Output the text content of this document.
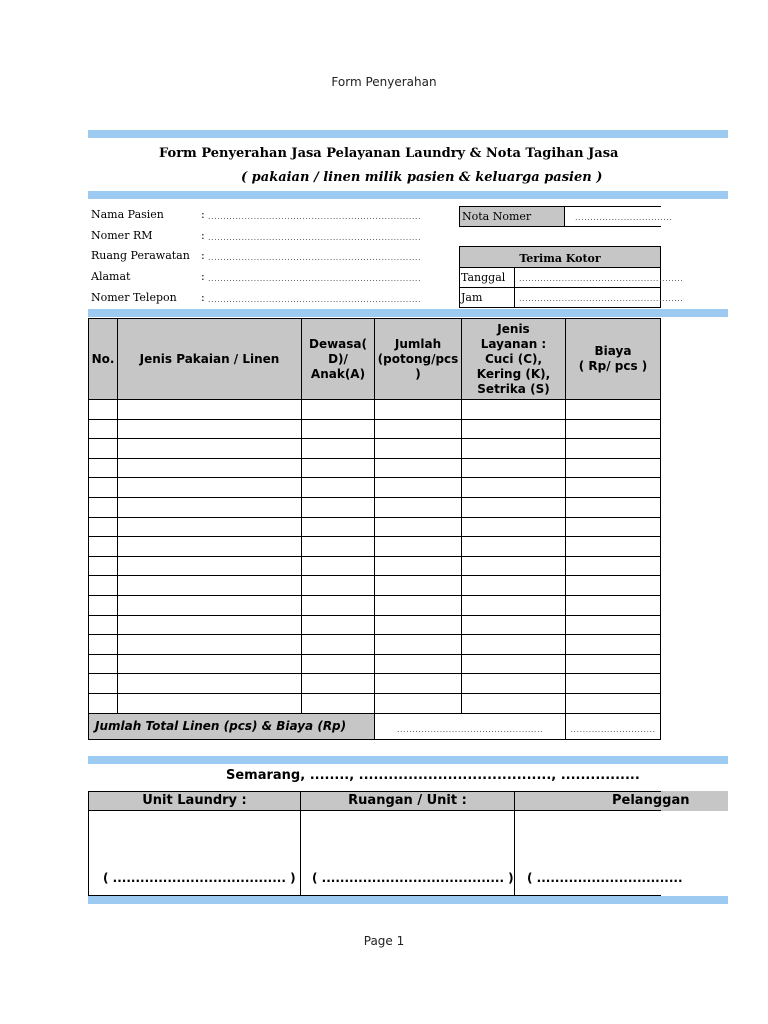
Form Penyerahan
Form Penyerahan Jasa Pelayanan Laundry & Nota Tagihan Jasa
( pakaian / linen milik pasien & keluarga pasien )
Nama Pasien	: ......................................................................
Nomer RM	: ......................................................................
Ruang Perawatan : ......................................................................
Alamat	: ......................................................................
Nomer Telepon : ......................................................................
Nota Nomer	................................
Terima Kotor
Tanggal ......................................................
Jam	......................................................
No.	Jenis Pakaian / Linen	Dewasa(
D)/
Anak(A)	Jumlah
(potong/pcs
)	Jenis
Layanan :
Cuci (C),
Kering (K),
Setrika (S)	Biaya
( Rp/ pcs )

Jumlah Total Linen (pcs) & Biaya (Rp)			................................................		............................
Semarang, ........, ......................................., ................
Unit Laundry :	Ruangan / Unit :	Pelanggan
( ...................................... ) ( ........................................ ) ( ................................
Page 1
